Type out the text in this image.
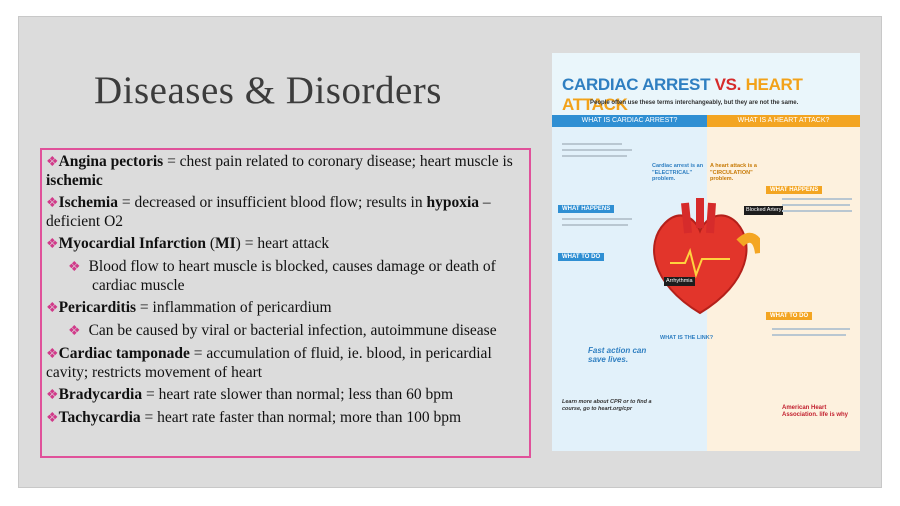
Diseases & Disorders
❖Angina pectoris = chest pain related to coronary disease; heart muscle is ischemic
❖Ischemia = decreased or insufficient blood flow; results in hypoxia – deficient O2
❖Myocardial Infarction (MI) = heart attack
❖ Blood flow to heart muscle is blocked, causes damage or death of cardiac muscle
❖Pericarditis = inflammation of pericardium
❖ Can be caused by viral or bacterial infection, autoimmune disease
❖Cardiac tamponade = accumulation of fluid, ie. blood, in pericardial cavity; restricts movement of heart
❖Bradycardia = heart rate slower than normal; less than 60 bpm
❖Tachycardia = heart rate faster than normal; more than 100 bpm
CARDIAC ARREST VS. HEART ATTACK
People often use these terms interchangeably, but they are not the same.
WHAT IS CARDIAC ARREST?	WHAT IS A HEART ATTACK?
WHAT HAPPENS
WHAT TO DO
WHAT HAPPENS
WHAT TO DO
Cardiac arrest is an "ELECTRICAL" problem.
A heart attack is a "CIRCULATION" problem.
Arrhythmia
Blocked Artery
WHAT IS THE LINK?
Fast action can save lives.
Learn more about CPR or to find a course, go to heart.org/cpr	American Heart Association. life is why
